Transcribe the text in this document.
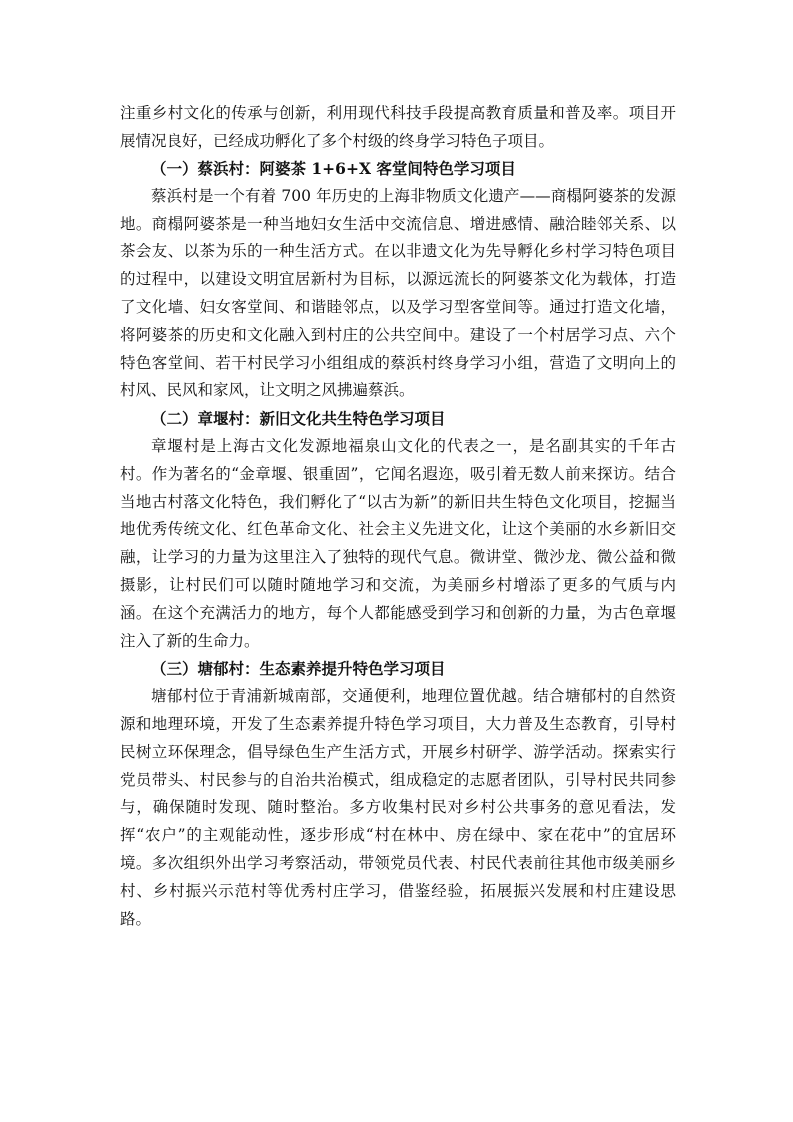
注重乡村文化的传承与创新，利用现代科技手段提高教育质量和普及率。项目开展情况良好，已经成功孵化了多个村级的终身学习特色子项目。

（一）蔡浜村：阿婆茶 1+6+X 客堂间特色学习项目

蔡浜村是一个有着 700 年历史的上海非物质文化遗产——商榻阿婆茶的发源地。商榻阿婆茶是一种当地妇女生活中交流信息、增进感情、融洽睦邻关系、以茶会友、以茶为乐的一种生活方式。在以非遗文化为先导孵化乡村学习特色项目的过程中，以建设文明宜居新村为目标，以源远流长的阿婆茶文化为载体，打造了文化墙、妇女客堂间、和谐睦邻点，以及学习型客堂间等。通过打造文化墙，将阿婆茶的历史和文化融入到村庄的公共空间中。建设了一个村居学习点、六个特色客堂间、若干村民学习小组组成的蔡浜村终身学习小组，营造了文明向上的村风、民风和家风，让文明之风拂遍蔡浜。

（二）章堰村：新旧文化共生特色学习项目

章堰村是上海古文化发源地福泉山文化的代表之一，是名副其实的千年古村。作为著名的“金章堰、银重固”，它闻名遐迩，吸引着无数人前来探访。结合当地古村落文化特色，我们孵化了“以古为新”的新旧共生特色文化项目，挖掘当地优秀传统文化、红色革命文化、社会主义先进文化，让这个美丽的水乡新旧交融，让学习的力量为这里注入了独特的现代气息。微讲堂、微沙龙、微公益和微摄影，让村民们可以随时随地学习和交流，为美丽乡村增添了更多的气质与内涵。在这个充满活力的地方，每个人都能感受到学习和创新的力量，为古色章堰注入了新的生命力。

（三）塘郁村：生态素养提升特色学习项目

塘郁村位于青浦新城南部，交通便利，地理位置优越。结合塘郁村的自然资源和地理环境，开发了生态素养提升特色学习项目，大力普及生态教育，引导村民树立环保理念，倡导绿色生产生活方式，开展乡村研学、游学活动。探索实行党员带头、村民参与的自治共治模式，组成稳定的志愿者团队，引导村民共同参与，确保随时发现、随时整治。多方收集村民对乡村公共事务的意见看法，发挥“农户”的主观能动性，逐步形成“村在林中、房在绿中、家在花中”的宜居环境。多次组织外出学习考察活动，带领党员代表、村民代表前往其他市级美丽乡村、乡村振兴示范村等优秀村庄学习，借鉴经验，拓展振兴发展和村庄建设思路。
